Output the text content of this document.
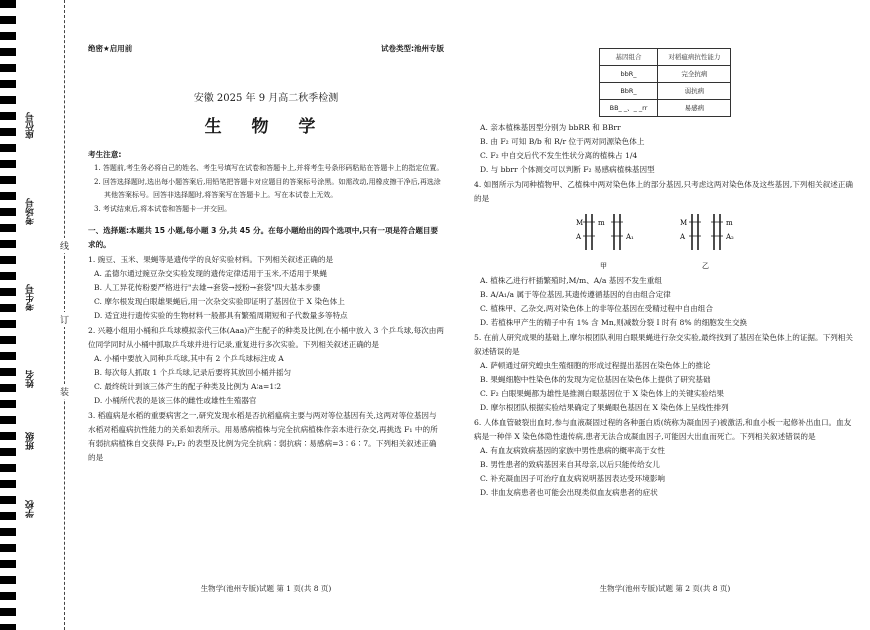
座位号
考场号
考生号
姓名
班级
学校
线
订
装
绝密★启用前	试卷类型:池州专版
安徽 2025 年 9 月高二秋季检测
生 物 学
考生注意:
1. 答题前,考生务必将自己的姓名、考生号填写在试卷和答题卡上,并将考生号条形码粘贴在答题卡上的指定位置。
2. 回答选择题时,选出每小题答案后,用铅笔把答题卡对应题目的答案标号涂黑。如需改动,用橡皮擦干净后,再选涂其他答案标号。回答非选择题时,将答案写在答题卡上。写在本试卷上无效。
3. 考试结束后,将本试卷和答题卡一并交回。
一、选择题:本题共 15 小题,每小题 3 分,共 45 分。在每小题给出的四个选项中,只有一项是符合题目要求的。
1. 豌豆、玉米、果蝇等是遗传学的良好实验材料。下列相关叙述正确的是
A. 孟德尔通过豌豆杂交实验发现的遗传定律适用于玉米,不适用于果蝇
B. 人工异花传粉要严格进行"去雄→套袋→授粉→套袋"四大基本步骤
C. 摩尔根发现白眼雄果蝇后,用一次杂交实验即证明了基因位于 X 染色体上
D. 适宜进行遗传实验的生物材料一般都具有繁殖周期短和子代数量多等特点
2. 兴趣小组用小桶和乒乓球模拟亲代三体(Aaa)产生配子的种类及比例,在小桶中放入 3 个乒乓球,每次由两位同学同时从小桶中抓取乒乓球并进行记录,重复进行多次实验。下列相关叙述正确的是
A. 小桶中要放入同种乒乓球,其中有 2 个乒乓球标注成 A
B. 每次每人抓取 1 个乒乓球,记录后要将其放回小桶并摇匀
C. 最终统计到该三体产生的配子种类及比例为 A∶a=1∶2
D. 小桶所代表的是该三体的雌性或雄性生殖器官
3. 稻瘟病是水稻的重要病害之一,研究发现水稻是否抗稻瘟病主要与两对等位基因有关,这两对等位基因与水稻对稻瘟病抗性能力的关系如表所示。用易感病植株与完全抗病植株作亲本进行杂交,再挑选 F₁ 中的所有弱抗病植株自交获得 F₂,F₂ 的表型及比例为完全抗病∶弱抗病∶易感病=3∶6∶7。下列相关叙述正确的是
生物学(池州专版)试题 第 1 页(共 8 页)
基因组合	对稻瘟病抗性能力
bbR_	完全抗病
BbR_	弱抗病
BB_ _、_ _rr	易感病
A. 亲本植株基因型分别为 bbRR 和 BBrr
B. 由 F₂ 可知 B/b 和 R/r 位于两对同源染色体上
C. F₂ 中自交后代不发生性状分离的植株占 1/4
D. 与 bbrr 个体测交可以判断 F₂ 易感病植株基因型
4. 如图所示为同种植物甲、乙植株中两对染色体上的部分基因,只考虑这两对染色体及这些基因,下列相关叙述正确的是
M
A
m
A₁
甲
M
A
m
A₂
乙
A. 植株乙进行杆插繁殖时,M/m、A/a 基因不发生重组
B. A/A₁/a 属于等位基因,其遗传遵循基因的自由组合定律
C. 植株甲、乙杂交,两对染色体上的非等位基因在受精过程中自由组合
D. 若植株甲产生的精子中有 1% 含 Mn,则减数分裂 I 时有 8% 的细胞发生交换
5. 在前人研究成果的基础上,摩尔根团队利用白眼果蝇进行杂交实验,最终找到了基因在染色体上的证据。下列相关叙述错误的是
A. 萨顿通过研究蝗虫生殖细胞的形成过程提出基因在染色体上的推论
B. 果蝇细胞中性染色体的发现为定位基因在染色体上提供了研究基础
C. F₂ 白眼果蝇都为雄性是推测白眼基因位于 X 染色体上的关键实验结果
D. 摩尔根团队根据实验结果确定了果蝇眼色基因在 X 染色体上呈线性排列
6. 人体血管破裂出血时,参与血液凝固过程的各种蛋白质(统称为凝血因子)被激活,和血小板一起修补出血口。血友病是一种伴 X 染色体隐性遗传病,患者无法合成凝血因子,可能因大出血而死亡。下列相关叙述错误的是
A. 有血友病致病基因的家族中男性患病的概率高于女性
B. 男性患者的致病基因来自其母亲,以后只能传给女儿
C. 补充凝血因子可治疗血友病说明基因表达受环境影响
D. 非血友病患者也可能会出现类似血友病患者的症状
生物学(池州专版)试题 第 2 页(共 8 页)
